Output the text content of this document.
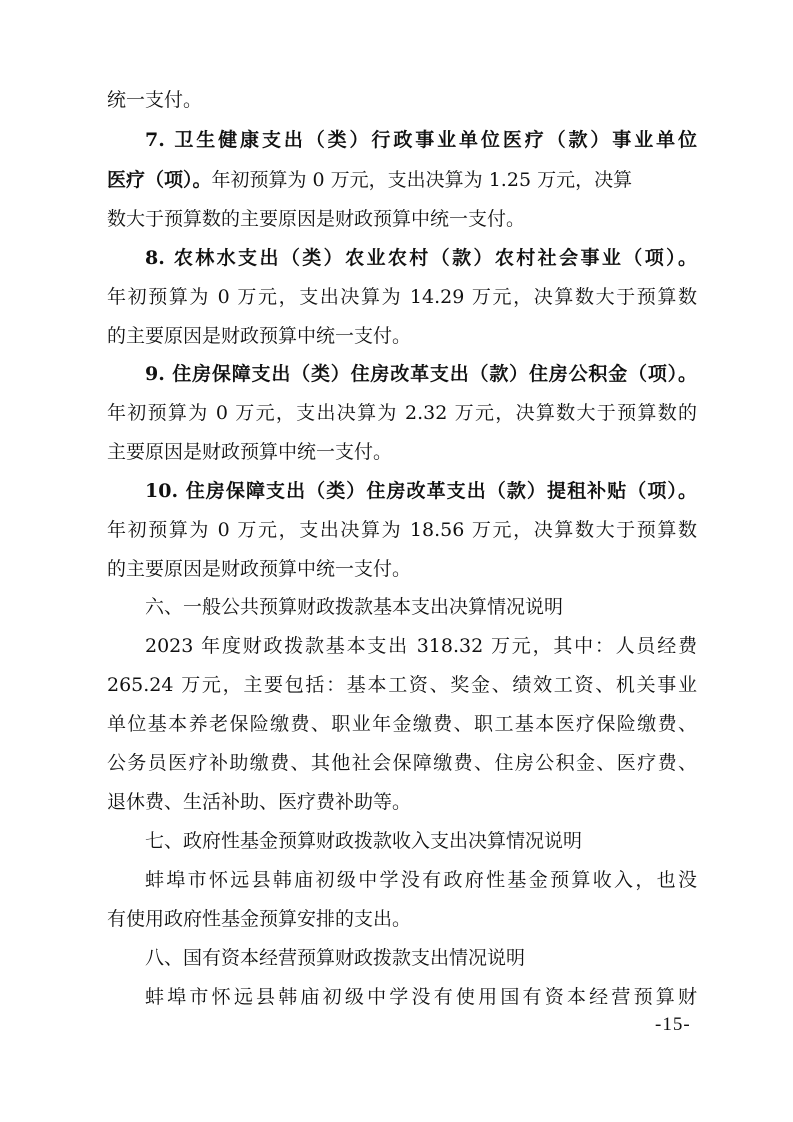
统一支付。
7. 卫生健康支出（类）行政事业单位医疗（款）事业单位
医疗（项）。年初预算为 0 万元，支出决算为 1.25 万元，决算
数大于预算数的主要原因是财政预算中统一支付。
8. 农林水支出（类）农业农村（款）农村社会事业（项）。
年初预算为 0 万元，支出决算为 14.29 万元，决算数大于预算数
的主要原因是财政预算中统一支付。
9. 住房保障支出（类）住房改革支出（款）住房公积金（项）。
年初预算为 0 万元，支出决算为 2.32 万元，决算数大于预算数的
主要原因是财政预算中统一支付。
10. 住房保障支出（类）住房改革支出（款）提租补贴（项）。
年初预算为 0 万元，支出决算为 18.56 万元，决算数大于预算数
的主要原因是财政预算中统一支付。
六、一般公共预算财政拨款基本支出决算情况说明
2023 年度财政拨款基本支出 318.32 万元，其中：人员经费
265.24 万元，主要包括：基本工资、奖金、绩效工资、机关事业
单位基本养老保险缴费、职业年金缴费、职工基本医疗保险缴费、
公务员医疗补助缴费、其他社会保障缴费、住房公积金、医疗费、
退休费、生活补助、医疗费补助等。
七、政府性基金预算财政拨款收入支出决算情况说明
蚌埠市怀远县韩庙初级中学没有政府性基金预算收入，也没
有使用政府性基金预算安排的支出。
八、国有资本经营预算财政拨款支出情况说明
蚌埠市怀远县韩庙初级中学没有使用国有资本经营预算财
-15-
